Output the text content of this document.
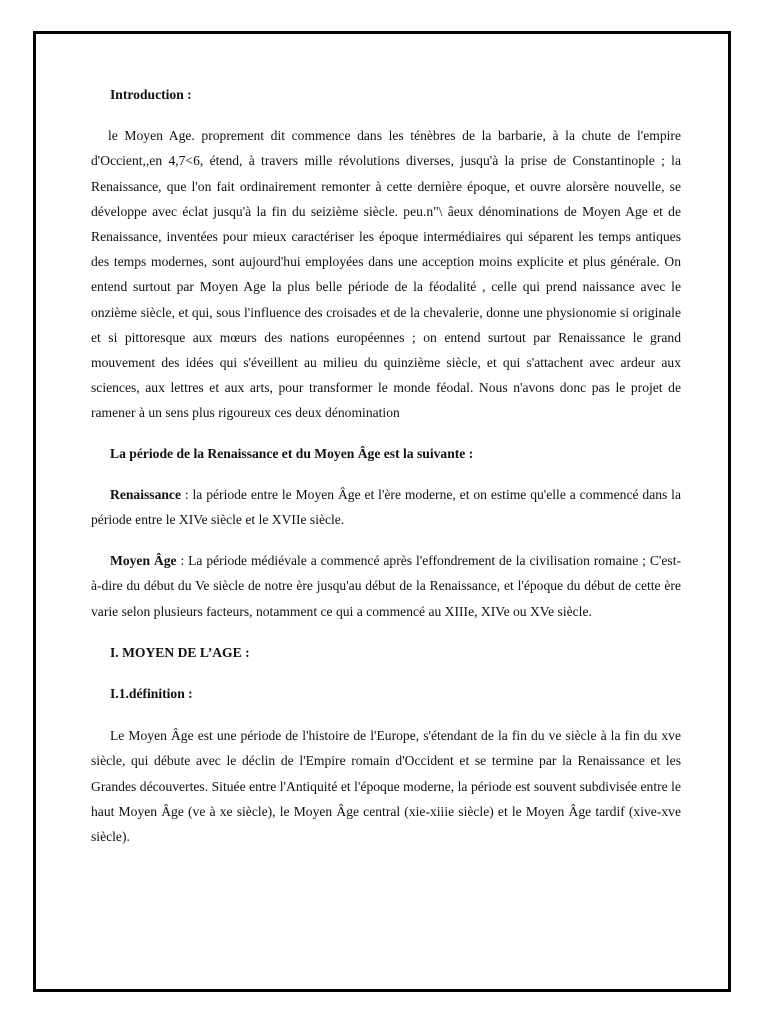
Introduction :

le Moyen Age. proprement dit commence dans les ténèbres de la barbarie, à la chute de l'empire d'Occient,,en 4,7<6, étend, à travers mille révolutions diverses, jusqu'à la prise de Constantinople ; la Renaissance, que l'on fait ordinairement remonter à cette dernière époque, et ouvre alorsère nouvelle, se développe avec éclat jusqu'à la fin du seizième siècle. peu.n"\ âeux dénominations de Moyen Age et de Renaissance, inventées pour mieux caractériser les époque intermédiaires qui séparent les temps antiques des temps modernes, sont aujourd'hui employées dans une acception moins explicite et plus générale. On entend surtout par Moyen Age la plus belle période de la féodalité , celle qui prend naissance avec le onzième siècle, et qui, sous l'influence des croisades et de la chevalerie, donne une physionomie si originale et si pittoresque aux mœurs des nations européennes ; on entend surtout par Renaissance le grand mouvement des idées qui s'éveillent au milieu du quinzième siècle, et qui s'attachent avec ardeur aux sciences, aux lettres et aux arts, pour transformer le monde féodal. Nous n'avons donc pas le projet de ramener à un sens plus rigoureux ces deux dénomination

La période de la Renaissance et du Moyen Âge est la suivante :

Renaissance : la période entre le Moyen Âge et l'ère moderne, et on estime qu'elle a commencé dans la période entre le XIVe siècle et le XVIIe siècle.

Moyen Âge : La période médiévale a commencé après l'effondrement de la civilisation romaine ; C'est-à-dire du début du Ve siècle de notre ère jusqu'au début de la Renaissance, et l'époque du début de cette ère varie selon plusieurs facteurs, notamment ce qui a commencé au XIIIe, XIVe ou XVe siècle.

I. MOYEN DE L’AGE :
I.1.définition :

Le Moyen Âge est une période de l'histoire de l'Europe, s'étendant de la fin du ve siècle à la fin du xve siècle, qui débute avec le déclin de l'Empire romain d'Occident et se termine par la Renaissance et les Grandes découvertes. Située entre l'Antiquité et l'époque moderne, la période est souvent subdivisée entre le haut Moyen Âge (ve à xe siècle), le Moyen Âge central (xie-xiiie siècle) et le Moyen Âge tardif (xive-xve siècle).
